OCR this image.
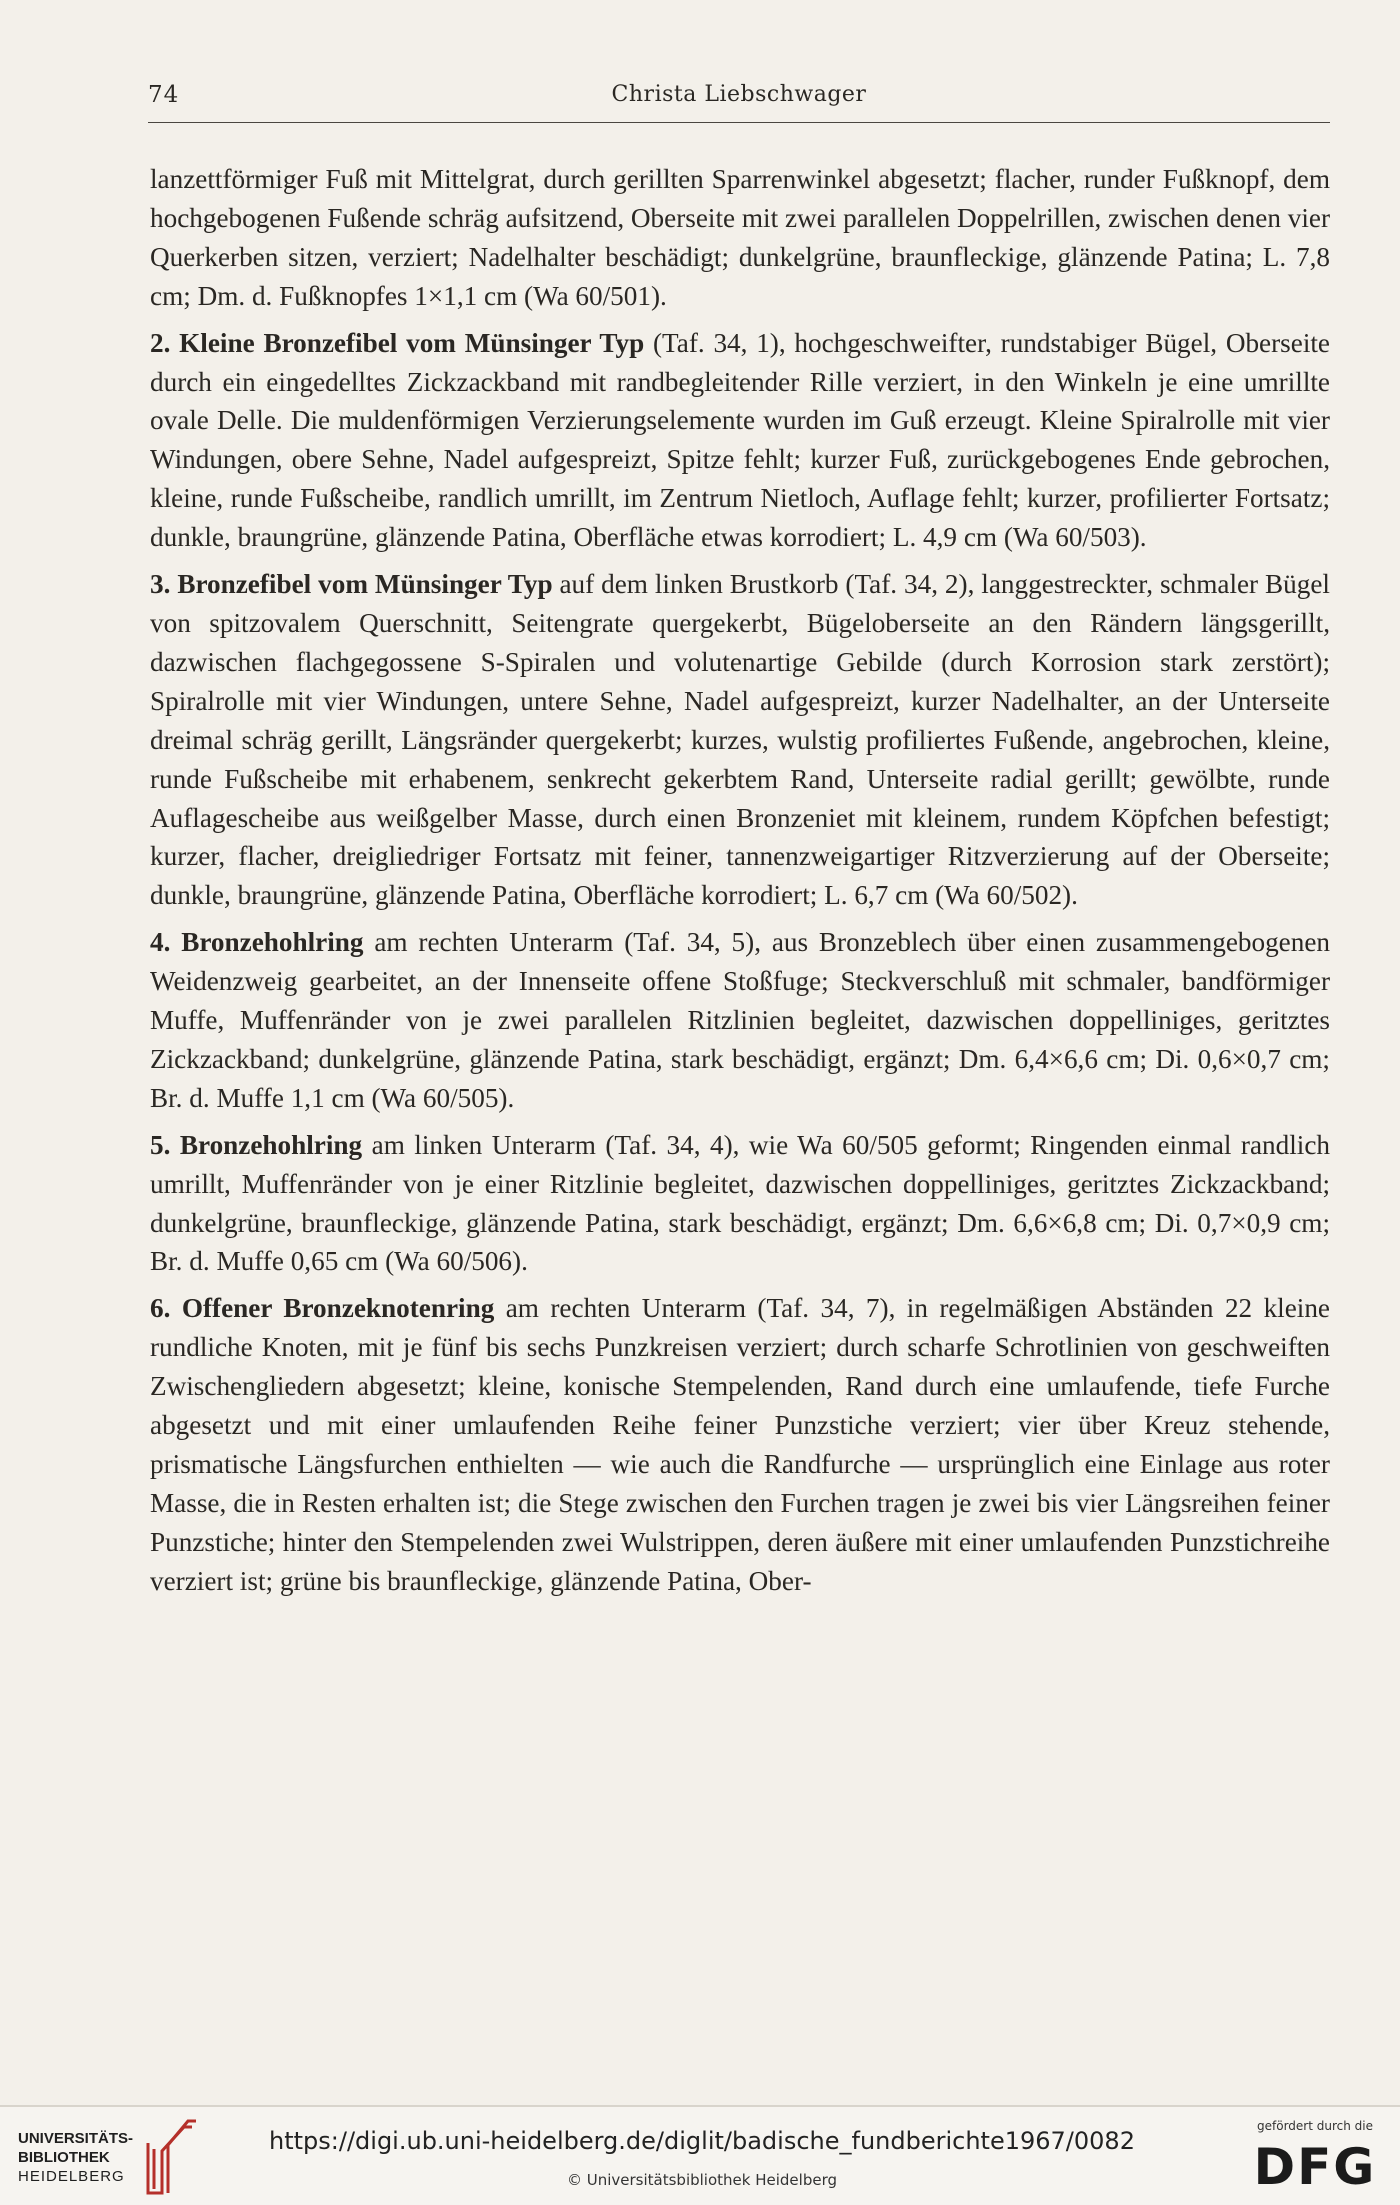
74	Christa Liebschwager

lanzettförmiger Fuß mit Mittelgrat, durch gerillten Sparrenwinkel abgesetzt; flacher, runder Fußknopf, dem hochgebogenen Fußende schräg aufsitzend, Oberseite mit zwei parallelen Doppelrillen, zwischen denen vier Querkerben sitzen, verziert; Nadelhalter beschädigt; dunkelgrüne, braunfleckige, glänzende Patina; L. 7,8 cm; Dm. d. Fußknopfes 1×1,1 cm (Wa 60/501).

2. Kleine Bronzefibel vom Münsinger Typ (Taf. 34, 1), hochgeschweifter, rundstabiger Bügel, Oberseite durch ein eingedelltes Zickzackband mit randbegleitender Rille verziert, in den Winkeln je eine umrillte ovale Delle. Die muldenförmigen Verzierungselemente wurden im Guß erzeugt. Kleine Spiralrolle mit vier Windungen, obere Sehne, Nadel aufgespreizt, Spitze fehlt; kurzer Fuß, zurückgebogenes Ende gebrochen, kleine, runde Fußscheibe, randlich umrillt, im Zentrum Nietloch, Auflage fehlt; kurzer, profilierter Fortsatz; dunkle, braungrüne, glänzende Patina, Oberfläche etwas korrodiert; L. 4,9 cm (Wa 60/503).

3. Bronzefibel vom Münsinger Typ auf dem linken Brustkorb (Taf. 34, 2), langgestreckter, schmaler Bügel von spitzovalem Querschnitt, Seitengrate quergekerbt, Bügeloberseite an den Rändern längsgerillt, dazwischen flachgegossene S-Spiralen und volutenartige Gebilde (durch Korrosion stark zerstört); Spiralrolle mit vier Windungen, untere Sehne, Nadel aufgespreizt, kurzer Nadelhalter, an der Unterseite dreimal schräg gerillt, Längsränder quergekerbt; kurzes, wulstig profiliertes Fußende, angebrochen, kleine, runde Fußscheibe mit erhabenem, senkrecht gekerbtem Rand, Unterseite radial gerillt; gewölbte, runde Auflagescheibe aus weißgelber Masse, durch einen Bronzeniet mit kleinem, rundem Köpfchen befestigt; kurzer, flacher, dreigliedriger Fortsatz mit feiner, tannenzweigartiger Ritzverzierung auf der Oberseite; dunkle, braungrüne, glänzende Patina, Oberfläche korrodiert; L. 6,7 cm (Wa 60/502).

4. Bronzehohlring am rechten Unterarm (Taf. 34, 5), aus Bronzeblech über einen zusammengebogenen Weidenzweig gearbeitet, an der Innenseite offene Stoßfuge; Steckverschluß mit schmaler, bandförmiger Muffe, Muffenränder von je zwei parallelen Ritzlinien begleitet, dazwischen doppelliniges, geritztes Zickzackband; dunkelgrüne, glänzende Patina, stark beschädigt, ergänzt; Dm. 6,4×6,6 cm; Di. 0,6×0,7 cm; Br. d. Muffe 1,1 cm (Wa 60/505).

5. Bronzehohlring am linken Unterarm (Taf. 34, 4), wie Wa 60/505 geformt; Ringenden einmal randlich umrillt, Muffenränder von je einer Ritzlinie begleitet, dazwischen doppelliniges, geritztes Zickzackband; dunkelgrüne, braunfleckige, glänzende Patina, stark beschädigt, ergänzt; Dm. 6,6×6,8 cm; Di. 0,7×0,9 cm; Br. d. Muffe 0,65 cm (Wa 60/506).

6. Offener Bronzeknotenring am rechten Unterarm (Taf. 34, 7), in regelmäßigen Abständen 22 kleine rundliche Knoten, mit je fünf bis sechs Punzkreisen verziert; durch scharfe Schrotlinien von geschweiften Zwischengliedern abgesetzt; kleine, konische Stempelenden, Rand durch eine umlaufende, tiefe Furche abgesetzt und mit einer umlaufenden Reihe feiner Punzstiche verziert; vier über Kreuz stehende, prismatische Längsfurchen enthielten — wie auch die Randfurche — ursprünglich eine Einlage aus roter Masse, die in Resten erhalten ist; die Stege zwischen den Furchen tragen je zwei bis vier Längsreihen feiner Punzstiche; hinter den Stempelenden zwei Wulstrippen, deren äußere mit einer umlaufenden Punzstichreihe verziert ist; grüne bis braunfleckige, glänzende Patina, Ober-

UNIVERSITÄTS-
BIBLIOTHEK
HEIDELBERG
https://digi.ub.uni-heidelberg.de/diglit/badische_fundberichte1967/0082
© Universitätsbibliothek Heidelberg
gefördert durch die
DFG
